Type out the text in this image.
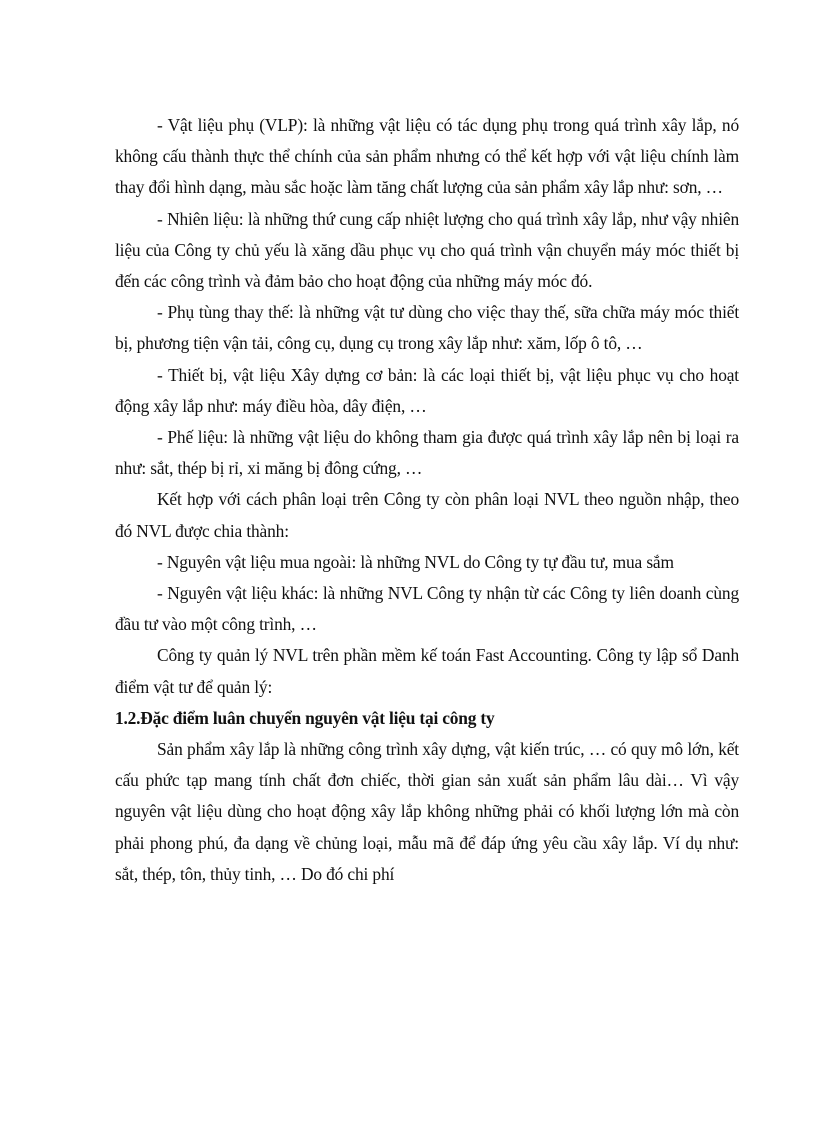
- Vật liệu phụ (VLP): là những vật liệu có tác dụng phụ trong quá trình xây lắp, nó không cấu thành thực thể chính của sản phẩm nhưng có thể kết hợp với vật liệu chính làm thay đổi hình dạng, màu sắc hoặc làm tăng chất lượng của sản phẩm xây lắp như: sơn, …

- Nhiên liệu: là những thứ cung cấp nhiệt lượng cho quá trình xây lắp, như vậy nhiên liệu của Công ty chủ yếu là xăng dầu phục vụ cho quá trình vận chuyển máy móc thiết bị đến các công trình và đảm bảo cho hoạt động của những máy móc đó.

- Phụ tùng thay thế: là những vật tư dùng cho việc thay thế, sữa chữa máy móc thiết bị, phương tiện vận tải, công cụ, dụng cụ trong xây lắp như: xăm, lốp ô tô, …

- Thiết bị, vật liệu Xây dựng cơ bản: là các loại thiết bị, vật liệu phục vụ cho hoạt động xây lắp như: máy điều hòa, dây điện, …

- Phế liệu: là những vật liệu do không tham gia được quá trình xây lắp nên bị loại ra như: sắt, thép bị rỉ, xi măng bị đông cứng, …

Kết hợp với cách phân loại trên Công ty còn phân loại NVL theo nguồn nhập, theo đó NVL được chia thành:

- Nguyên vật liệu mua ngoài: là những NVL do Công ty tự đầu tư, mua sắm

- Nguyên vật liệu khác: là những NVL Công ty nhận từ các Công ty liên doanh cùng đầu tư vào một công trình, …

Công ty quản lý NVL trên phần mềm kế toán Fast Accounting. Công ty lập sổ Danh điểm vật tư để quản lý:

1.2.Đặc điểm luân chuyển nguyên vật liệu tại công ty

Sản phẩm xây lắp là những công trình xây dựng, vật kiến trúc, … có quy mô lớn, kết cấu phức tạp mang tính chất đơn chiếc, thời gian sản xuất sản phẩm lâu dài… Vì vậy nguyên vật liệu dùng cho hoạt động xây lắp không những phải có khối lượng lớn mà còn phải phong phú, đa dạng về chủng loại, mẫu mã để đáp ứng yêu cầu xây lắp. Ví dụ như: sắt, thép, tôn, thủy tinh, … Do đó chi phí
